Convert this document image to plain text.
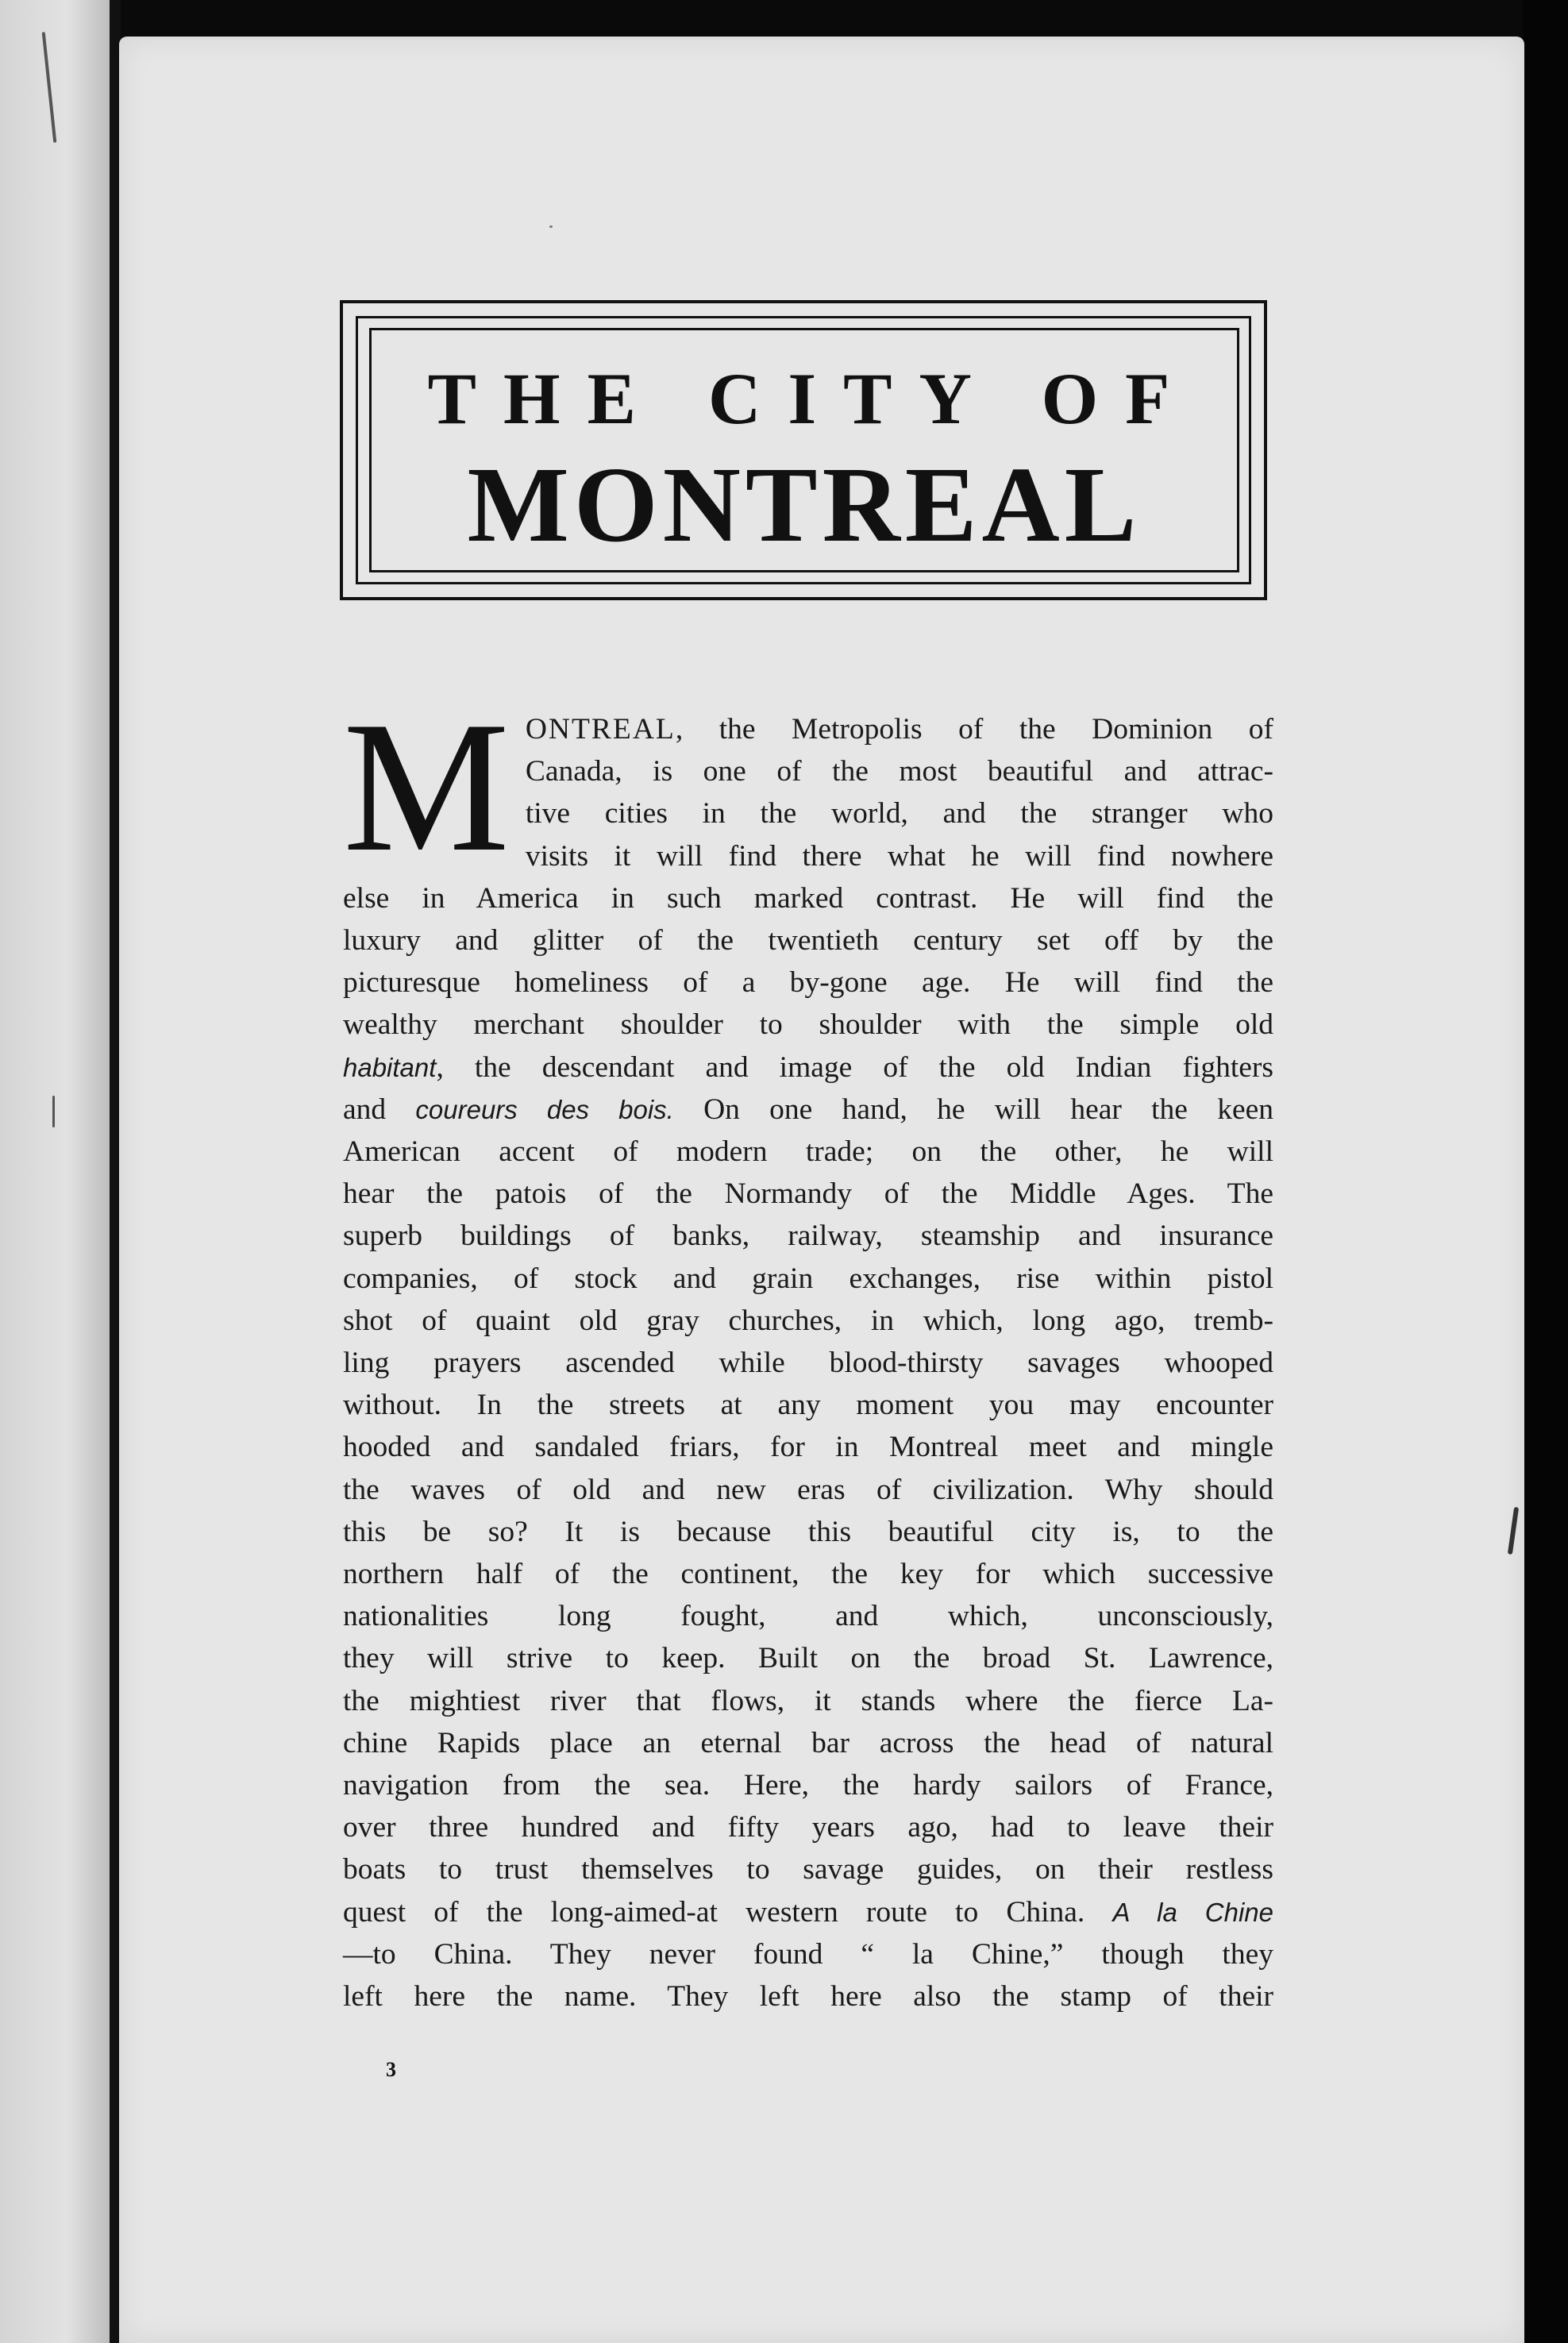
THE CITY OF
MONTREAL
M ONTREAL, the Metropolis of the Dominion of
Canada, is one of the most beautiful and attrac-
tive cities in the world, and the stranger who
visits it will find there what he will find nowhere
else in America in such marked contrast. He will find the
luxury and glitter of the twentieth century set off by the
picturesque homeliness of a by-gone age. He will find the
wealthy merchant shoulder to shoulder with the simple old
habitant, the descendant and image of the old Indian fighters
and coureurs des bois. On one hand, he will hear the keen
American accent of modern trade; on the other, he will
hear the patois of the Normandy of the Middle Ages. The
superb buildings of banks, railway, steamship and insurance
companies, of stock and grain exchanges, rise within pistol
shot of quaint old gray churches, in which, long ago, tremb-
ling prayers ascended while blood-thirsty savages whooped
without. In the streets at any moment you may encounter
hooded and sandaled friars, for in Montreal meet and mingle
the waves of old and new eras of civilization. Why should
this be so? It is because this beautiful city is, to the
northern half of the continent, the key for which successive
nationalities long fought, and which, unconsciously,
they will strive to keep. Built on the broad St. Lawrence,
the mightiest river that flows, it stands where the fierce La-
chine Rapids place an eternal bar across the head of natural
navigation from the sea. Here, the hardy sailors of France,
over three hundred and fifty years ago, had to leave their
boats to trust themselves to savage guides, on their restless
quest of the long-aimed-at western route to China. A la Chine
—to China. They never found “ la Chine,” though they
left here the name. They left here also the stamp of their
3
